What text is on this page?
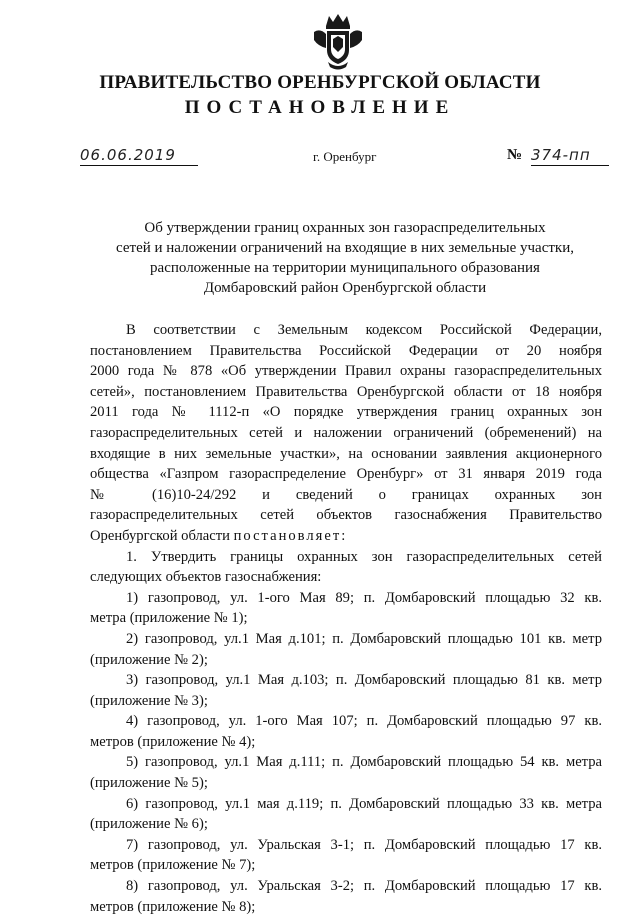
ПРАВИТЕЛЬСТВО ОРЕНБУРГСКОЙ ОБЛАСТИ
ПОСТАНОВЛЕНИЕ
06.06.2019	г. Оренбург	№ 374-пп
Об утверждении границ охранных зон газораспределительных
сетей и наложении ограничений на входящие в них земельные участки,
расположенные на территории муниципального образования
Домбаровский район Оренбургской области
В соответствии с Земельным кодексом Российской Федерации,
постановлением Правительства Российской Федерации от 20 ноября
2000 года № 878 «Об утверждении Правил охраны газораспределительных
сетей», постановлением Правительства Оренбургской области от 18 ноября
2011 года № 1112-п «О порядке утверждения границ охранных зон
газораспределительных сетей и наложении ограничений (обременений) на
входящие в них земельные участки», на основании заявления акционерного
общества «Газпром газораспределение Оренбург» от 31 января 2019 года
№ (16)10-24/292 и сведений о границах охранных зон
газораспределительных сетей объектов газоснабжения Правительство
Оренбургской области постановляет:
1. Утвердить границы охранных зон газораспределительных сетей
следующих объектов газоснабжения:
1) газопровод, ул. 1-ого Мая 89; п. Домбаровский площадью 32 кв.
метра (приложение № 1);
2) газопровод, ул.1 Мая д.101; п. Домбаровский площадью 101 кв. метр
(приложение № 2);
3) газопровод, ул.1 Мая д.103; п. Домбаровский площадью 81 кв. метр
(приложение № 3);
4) газопровод, ул. 1-ого Мая 107; п. Домбаровский площадью 97 кв.
метров (приложение № 4);
5) газопровод, ул.1 Мая д.111; п. Домбаровский площадью 54 кв. метра
(приложение № 5);
6) газопровод, ул.1 мая д.119; п. Домбаровский площадью 33 кв. метра
(приложение № 6);
7) газопровод, ул. Уральская 3-1; п. Домбаровский площадью 17 кв.
метров (приложение № 7);
8) газопровод, ул. Уральская 3-2; п. Домбаровский площадью 17 кв.
метров (приложение № 8);
